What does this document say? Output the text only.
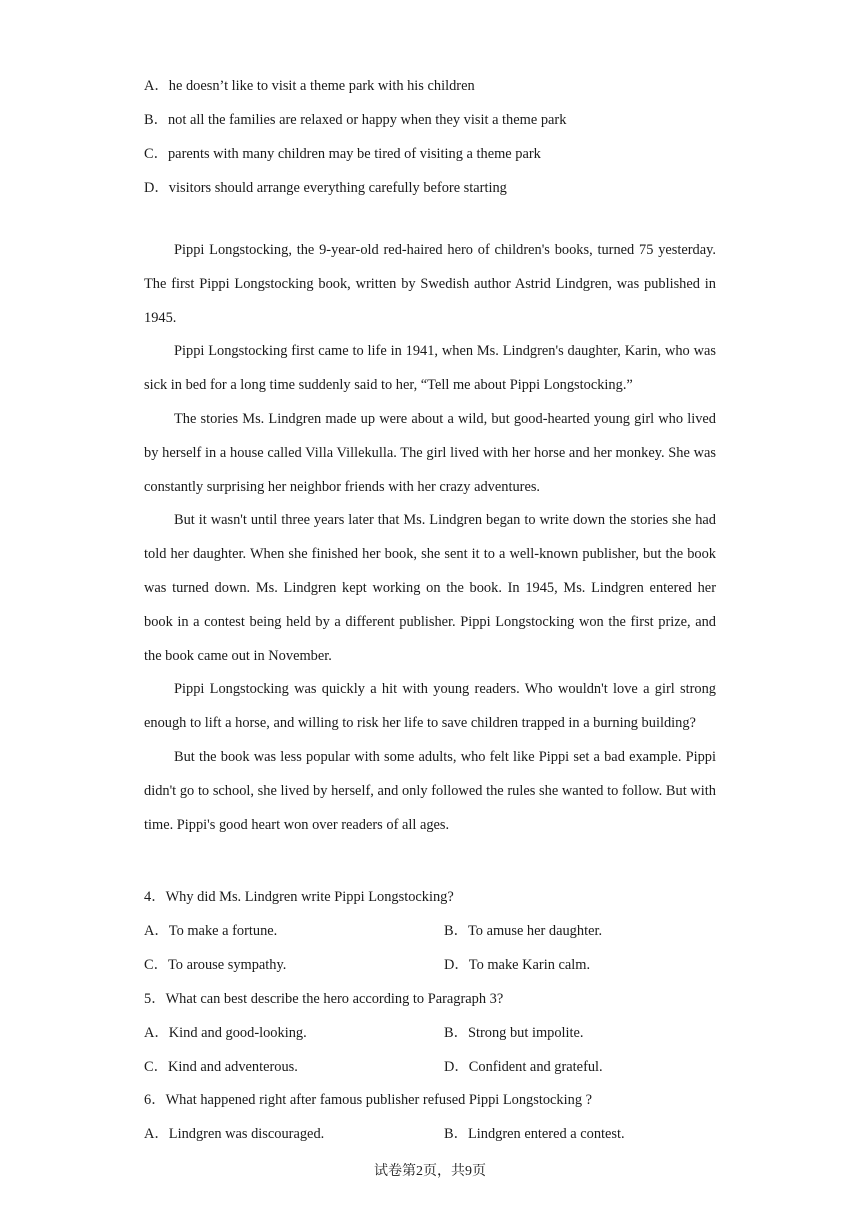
A．he doesn’t like to visit a theme park with his children
B．not all the families are relaxed or happy when they visit a theme park
C．parents with many children may be tired of visiting a theme park
D．visitors should arrange everything carefully before starting

Pippi Longstocking, the 9-year-old red-haired hero of children's books, turned 75 yesterday. The first Pippi Longstocking book, written by Swedish author Astrid Lindgren, was published in 1945.

Pippi Longstocking first came to life in 1941, when Ms. Lindgren's daughter, Karin, who was sick in bed for a long time suddenly said to her, “Tell me about Pippi Longstocking.”

The stories Ms. Lindgren made up were about a wild, but good-hearted young girl who lived by herself in a house called Villa Villekulla. The girl lived with her horse and her monkey. She was constantly surprising her neighbor friends with her crazy adventures.

But it wasn't until three years later that Ms. Lindgren began to write down the stories she had told her daughter. When she finished her book, she sent it to a well-known publisher, but the book was turned down. Ms. Lindgren kept working on the book. In 1945, Ms. Lindgren entered her book in a contest being held by a different publisher. Pippi Longstocking won the first prize, and the book came out in November.

Pippi Longstocking was quickly a hit with young readers. Who wouldn't love a girl strong enough to lift a horse, and willing to risk her life to save children trapped in a burning building?

But the book was less popular with some adults, who felt like Pippi set a bad example. Pippi didn't go to school, she lived by herself, and only followed the rules she wanted to follow. But with time. Pippi's good heart won over readers of all ages.

4．Why did Ms. Lindgren write Pippi Longstocking?
A．To make a fortune.	B．To amuse her daughter.
C．To arouse sympathy.	D．To make Karin calm.
5．What can best describe the hero according to Paragraph 3?
A．Kind and good-looking.	B．Strong but impolite.
C．Kind and adventerous.	D．Confident and grateful.
6．What happened right after famous publisher refused Pippi Longstocking ?
A．Lindgren was discouraged.	B．Lindgren entered a contest.
试卷第2页，共9页
